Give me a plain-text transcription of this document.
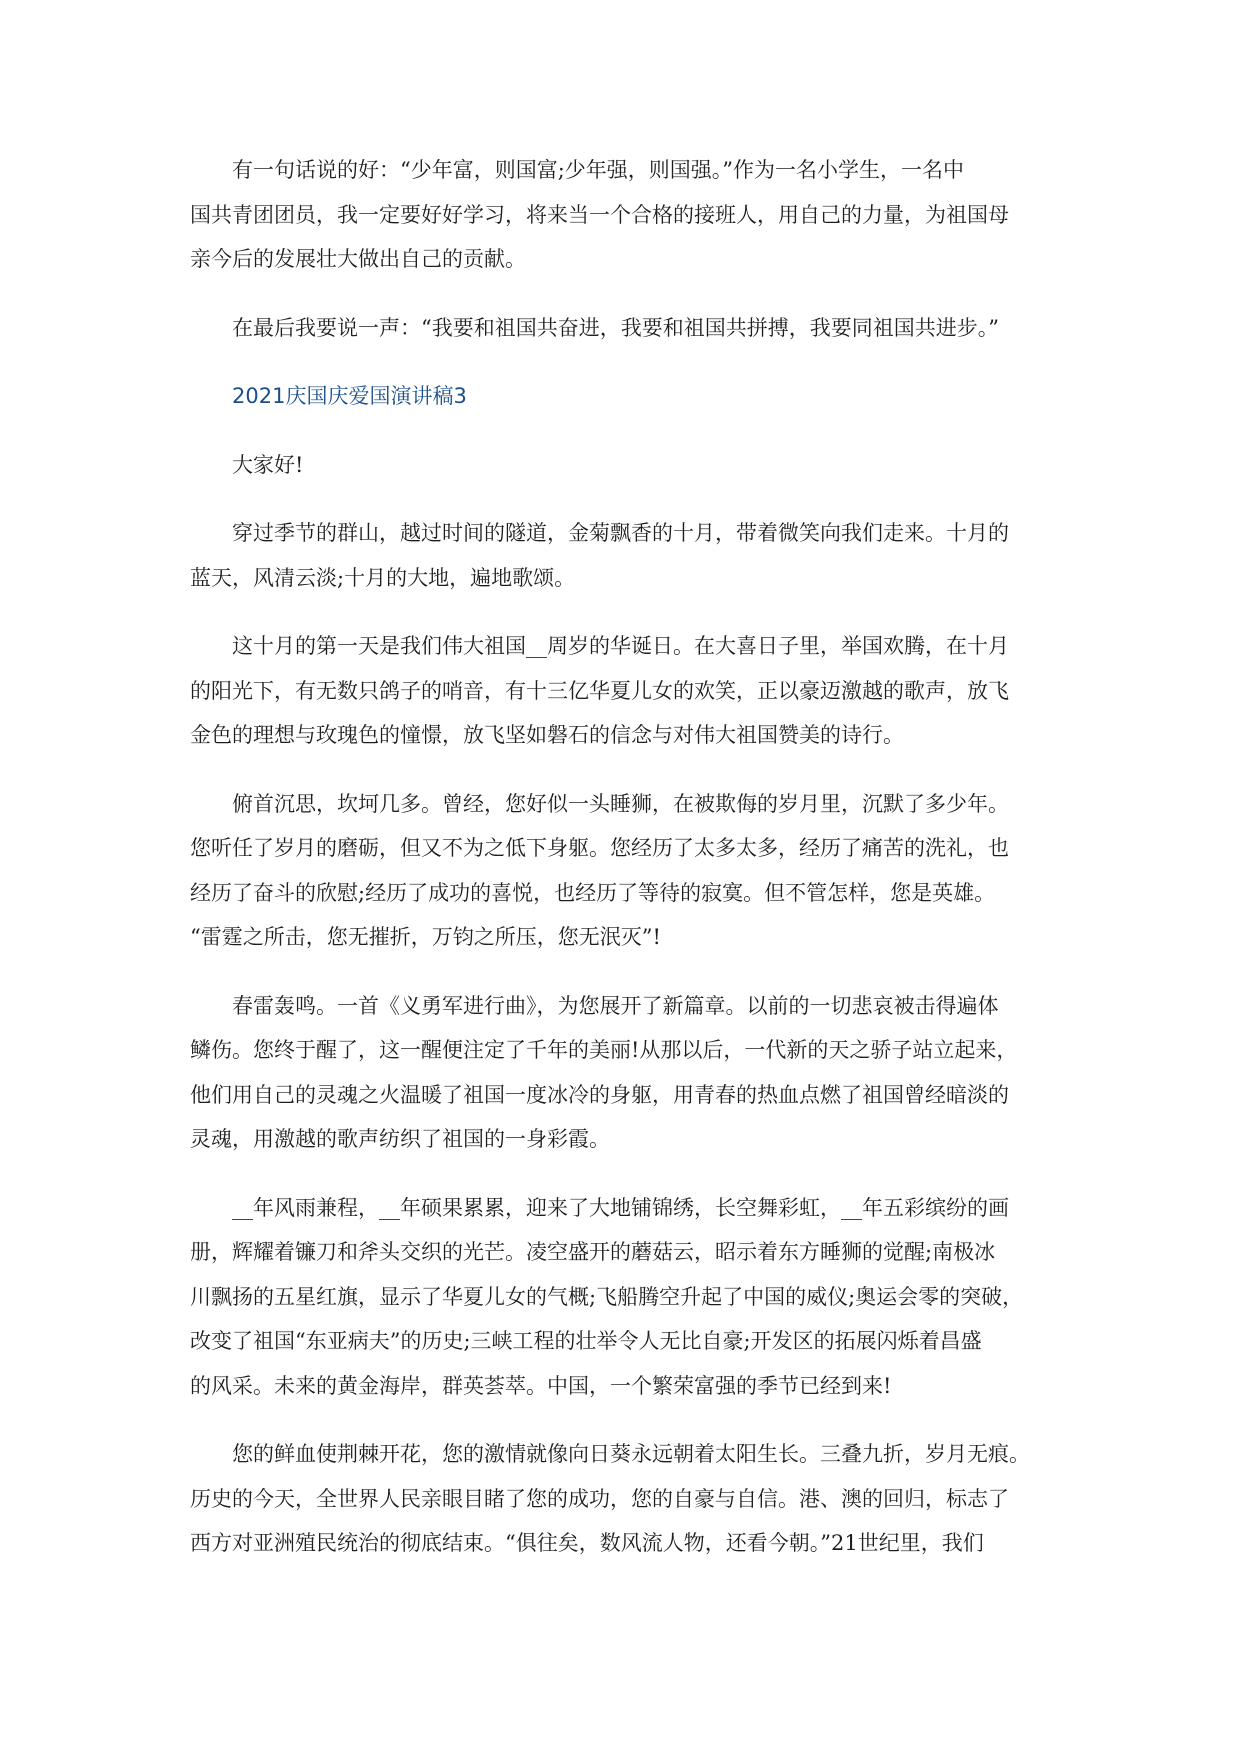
有一句话说的好：“少年富，则国富;少年强，则国强。”作为一名小学生，一名中
国共青团团员，我一定要好好学习，将来当一个合格的接班人，用自己的力量，为祖国母
亲今后的发展壮大做出自己的贡献。
在最后我要说一声：“我要和祖国共奋进，我要和祖国共拼搏，我要同祖国共进步。”
2021庆国庆爱国演讲稿3
大家好!
穿过季节的群山，越过时间的隧道，金菊飘香的十月，带着微笑向我们走来。十月的
蓝天，风清云淡;十月的大地，遍地歌颂。
这十月的第一天是我们伟大祖国__周岁的华诞日。在大喜日子里，举国欢腾，在十月
的阳光下，有无数只鸽子的哨音，有十三亿华夏儿女的欢笑，正以豪迈激越的歌声，放飞
金色的理想与玫瑰色的憧憬，放飞坚如磐石的信念与对伟大祖国赞美的诗行。
俯首沉思，坎坷几多。曾经，您好似一头睡狮，在被欺侮的岁月里，沉默了多少年。
您听任了岁月的磨砺，但又不为之低下身躯。您经历了太多太多，经历了痛苦的洗礼，也
经历了奋斗的欣慰;经历了成功的喜悦，也经历了等待的寂寞。但不管怎样，您是英雄。
“雷霆之所击，您无摧折，万钧之所压，您无泯灭”!
春雷轰鸣。一首《义勇军进行曲》，为您展开了新篇章。以前的一切悲哀被击得遍体
鳞伤。您终于醒了，这一醒便注定了千年的美丽!从那以后，一代新的天之骄子站立起来，
他们用自己的灵魂之火温暖了祖国一度冰冷的身躯，用青春的热血点燃了祖国曾经暗淡的
灵魂，用激越的歌声纺织了祖国的一身彩霞。
__年风雨兼程，__年硕果累累，迎来了大地铺锦绣，长空舞彩虹，__年五彩缤纷的画
册，辉耀着镰刀和斧头交织的光芒。凌空盛开的蘑菇云，昭示着东方睡狮的觉醒;南极冰
川飘扬的五星红旗，显示了华夏儿女的气概;飞船腾空升起了中国的威仪;奥运会零的突破，
改变了祖国“东亚病夫”的历史;三峡工程的壮举令人无比自豪;开发区的拓展闪烁着昌盛
的风采。未来的黄金海岸，群英荟萃。中国，一个繁荣富强的季节已经到来!
您的鲜血使荆棘开花，您的激情就像向日葵永远朝着太阳生长。三叠九折，岁月无痕。
历史的今天，全世界人民亲眼目睹了您的成功，您的自豪与自信。港、澳的回归，标志了
西方对亚洲殖民统治的彻底结束。“俱往矣，数风流人物，还看今朝。”21世纪里，我们
